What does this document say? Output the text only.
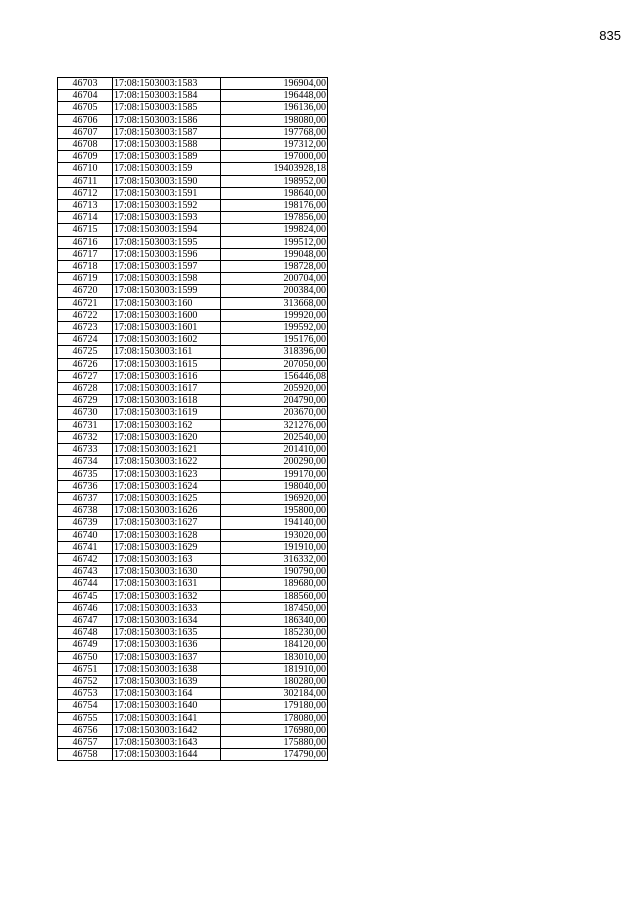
835
46703	17:08:1503003:1583	196904,00
46704	17:08:1503003:1584	196448,00
46705	17:08:1503003:1585	196136,00
46706	17:08:1503003:1586	198080,00
46707	17:08:1503003:1587	197768,00
46708	17:08:1503003:1588	197312,00
46709	17:08:1503003:1589	197000,00
46710	17:08:1503003:159	19403928,18
46711	17:08:1503003:1590	198952,00
46712	17:08:1503003:1591	198640,00
46713	17:08:1503003:1592	198176,00
46714	17:08:1503003:1593	197856,00
46715	17:08:1503003:1594	199824,00
46716	17:08:1503003:1595	199512,00
46717	17:08:1503003:1596	199048,00
46718	17:08:1503003:1597	198728,00
46719	17:08:1503003:1598	200704,00
46720	17:08:1503003:1599	200384,00
46721	17:08:1503003:160	313668,00
46722	17:08:1503003:1600	199920,00
46723	17:08:1503003:1601	199592,00
46724	17:08:1503003:1602	195176,00
46725	17:08:1503003:161	318396,00
46726	17:08:1503003:1615	207050,00
46727	17:08:1503003:1616	156446,08
46728	17:08:1503003:1617	205920,00
46729	17:08:1503003:1618	204790,00
46730	17:08:1503003:1619	203670,00
46731	17:08:1503003:162	321276,00
46732	17:08:1503003:1620	202540,00
46733	17:08:1503003:1621	201410,00
46734	17:08:1503003:1622	200290,00
46735	17:08:1503003:1623	199170,00
46736	17:08:1503003:1624	198040,00
46737	17:08:1503003:1625	196920,00
46738	17:08:1503003:1626	195800,00
46739	17:08:1503003:1627	194140,00
46740	17:08:1503003:1628	193020,00
46741	17:08:1503003:1629	191910,00
46742	17:08:1503003:163	316332,00
46743	17:08:1503003:1630	190790,00
46744	17:08:1503003:1631	189680,00
46745	17:08:1503003:1632	188560,00
46746	17:08:1503003:1633	187450,00
46747	17:08:1503003:1634	186340,00
46748	17:08:1503003:1635	185230,00
46749	17:08:1503003:1636	184120,00
46750	17:08:1503003:1637	183010,00
46751	17:08:1503003:1638	181910,00
46752	17:08:1503003:1639	180280,00
46753	17:08:1503003:164	302184,00
46754	17:08:1503003:1640	179180,00
46755	17:08:1503003:1641	178080,00
46756	17:08:1503003:1642	176980,00
46757	17:08:1503003:1643	175880,00
46758	17:08:1503003:1644	174790,00
